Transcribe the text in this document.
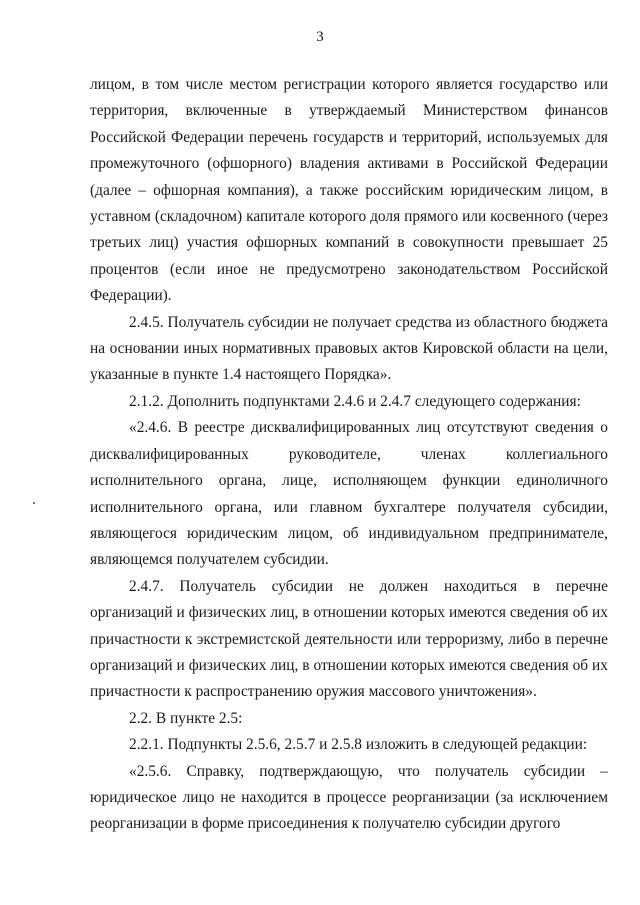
3

лицом, в том числе местом регистрации которого является государство или территория, включенные в утверждаемый Министерством финансов Российской Федерации перечень государств и территорий, используемых для промежуточного (офшорного) владения активами в Российской Федерации (далее – офшорная компания), а также российским юридическим лицом, в уставном (складочном) капитале которого доля прямого или косвенного (через третьих лиц) участия офшорных компаний в совокупности превышает 25 процентов (если иное не предусмотрено законодательством Российской Федерации).

2.4.5. Получатель субсидии не получает средства из областного бюджета на основании иных нормативных правовых актов Кировской области на цели, указанные в пункте 1.4 настоящего Порядка».

2.1.2. Дополнить подпунктами 2.4.6 и 2.4.7 следующего содержания:

«2.4.6. В реестре дисквалифицированных лиц отсутствуют сведения о дисквалифицированных руководителе, членах коллегиального исполнительного органа, лице, исполняющем функции единоличного исполнительного органа, или главном бухгалтере получателя субсидии, являющегося юридическим лицом, об индивидуальном предпринимателе, являющемся получателем субсидии.

2.4.7. Получатель субсидии не должен находиться в перечне организаций и физических лиц, в отношении которых имеются сведения об их причастности к экстремистской деятельности или терроризму, либо в перечне организаций и физических лиц, в отношении которых имеются сведения об их причастности к распространению оружия массового уничтожения».

2.2. В пункте 2.5:

2.2.1. Подпункты 2.5.6, 2.5.7 и 2.5.8 изложить в следующей редакции:

«2.5.6. Справку, подтверждающую, что получатель субсидии – юридическое лицо не находится в процессе реорганизации (за исключением реорганизации в форме присоединения к получателю субсидии другого
